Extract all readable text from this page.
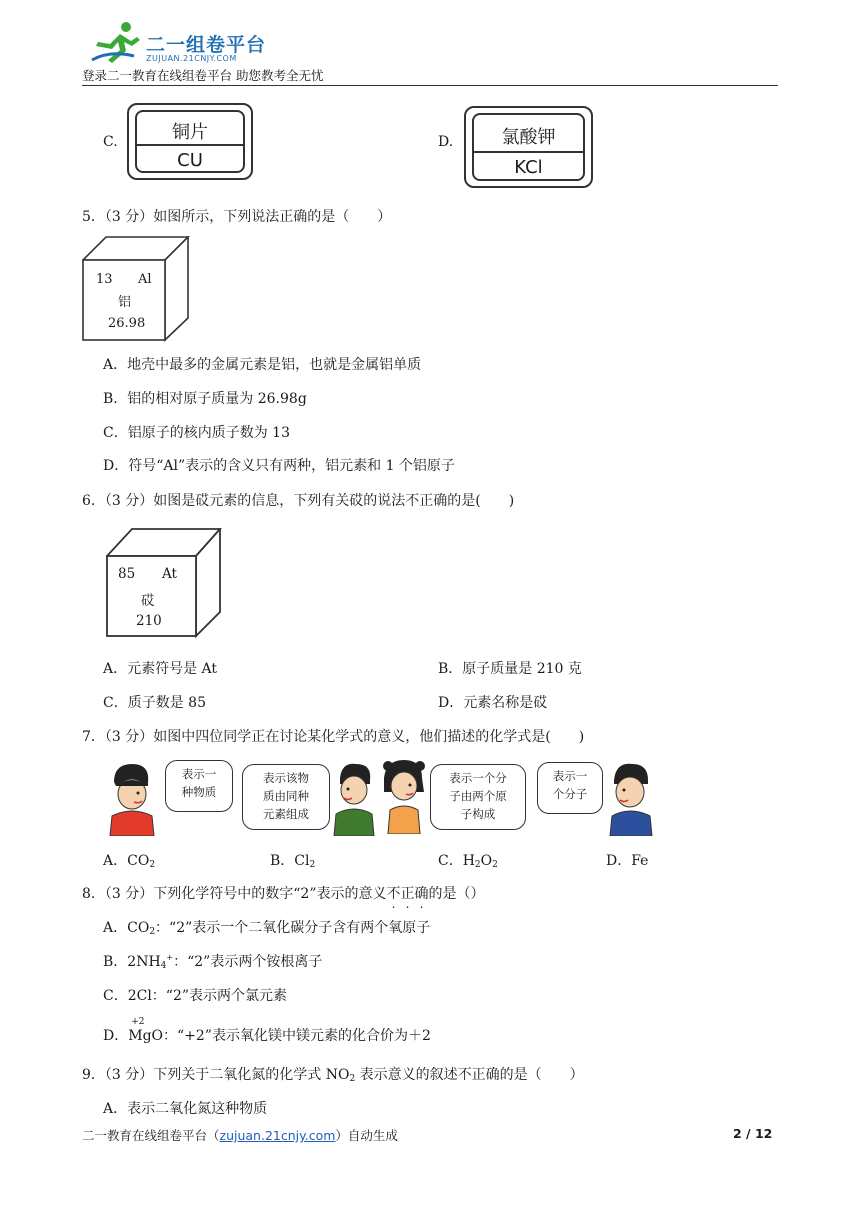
二一组卷平台
ZUJUAN.21CNJY.COM
登录二一教育在线组卷平台 助您教考全无忧
C.	铜片
CU
D.	氯酸钾
KCl
5．（3 分）如图所示，下列说法正确的是（　　）
13 Al
铝
26.98
A．地壳中最多的金属元素是铝，也就是金属铝单质
B．铝的相对原子质量为 26.98g
C．铝原子的核内质子数为 13
D．符号“Al”表示的含义只有两种，铝元素和 1 个铝原子
6．（3 分）如图是砹元素的信息，下列有关砹的说法不正确的是(　　)
85 At
砹
210
A．元素符号是 At	B．原子质量是 210 克
C．质子数是 85	D．元素名称是砹
7．（3 分）如图中四位同学正在讨论某化学式的意义，他们描述的化学式是(　　)
表示一
种物质
表示该物
质由同种
元素组成
表示一个分
子由两个原
子构成
表示一
个分子
A．$CO_2$	B．$Cl_2$	C．$H_2O_2$	D．Fe
8．（3 分）下列化学符号中的数字“2”表示的意义不正确的是（）
A．$CO_2$：“2”表示一个二氧化碳分子含有两个氧原子
B．$2NH_4^+$：“2”表示两个铵根离子
C．2Cl：“2”表示两个氯元素
D．
+2
MgO：“+2”表示氧化镁中镁元素的化合价为＋2
9．（3 分）下列关于二氧化氮的化学式 $NO_2$ 表示意义的叙述不正确的是（　　）
A．表示二氧化氮这种物质
二一教育在线组卷平台（zujuan.21cnjy.com）自动生成	2 / 12
